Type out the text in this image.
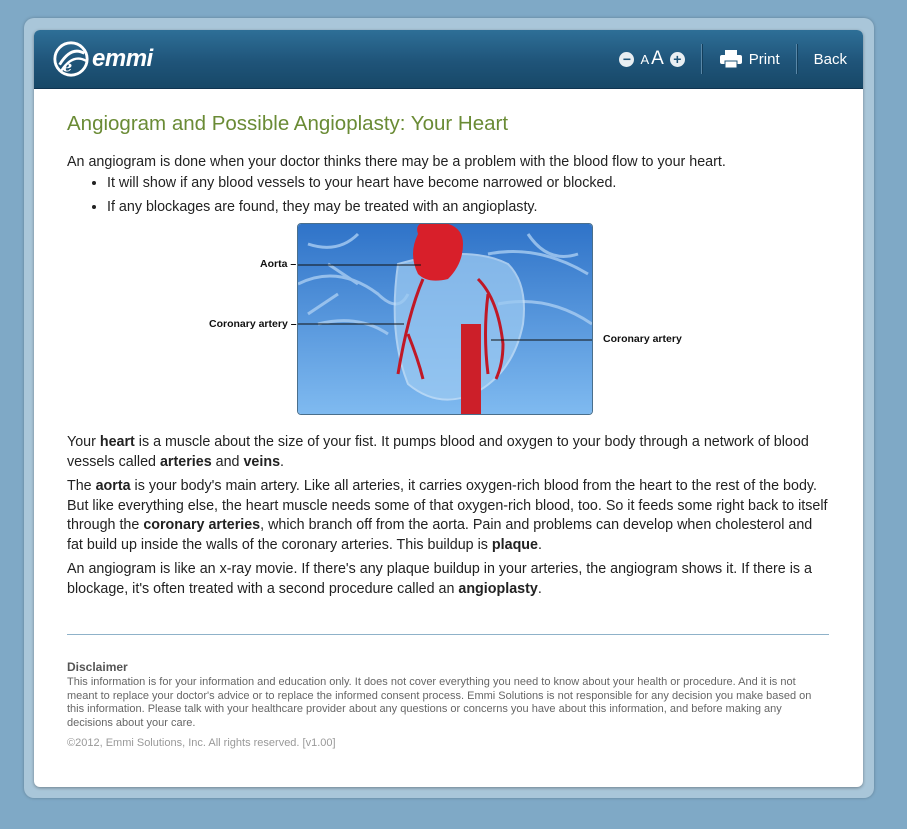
e emmi	− A A +	Print Back
Angiogram and Possible Angioplasty: Your Heart

An angiogram is done when your doctor thinks there may be a problem with the blood flow to your heart.

• It will show if any blood vessels to your heart have become narrowed or blocked.
• If any blockages are found, they may be treated with an angioplasty.
Aorta –
Coronary artery –
Coronary artery

Your heart is a muscle about the size of your fist. It pumps blood and oxygen to your body through a network of blood vessels called arteries and veins.

The aorta is your body's main artery. Like all arteries, it carries oxygen-rich blood from the heart to the rest of the body. But like everything else, the heart muscle needs some of that oxygen-rich blood, too. So it feeds some right back to itself through the coronary arteries, which branch off from the aorta. Pain and problems can develop when cholesterol and fat build up inside the walls of the coronary arteries. This buildup is plaque.

An angiogram is like an x-ray movie. If there's any plaque buildup in your arteries, the angiogram shows it. If there is a blockage, it's often treated with a second procedure called an angioplasty.

Disclaimer
This information is for your information and education only. It does not cover everything you need to know about your health or procedure. And it is not meant to replace your doctor's advice or to replace the informed consent process. Emmi Solutions is not responsible for any decision you make based on this information. Please talk with your healthcare provider about any questions or concerns you have about this information, and before making any decisions about your care.
©2012, Emmi Solutions, Inc. All rights reserved. [v1.00]
